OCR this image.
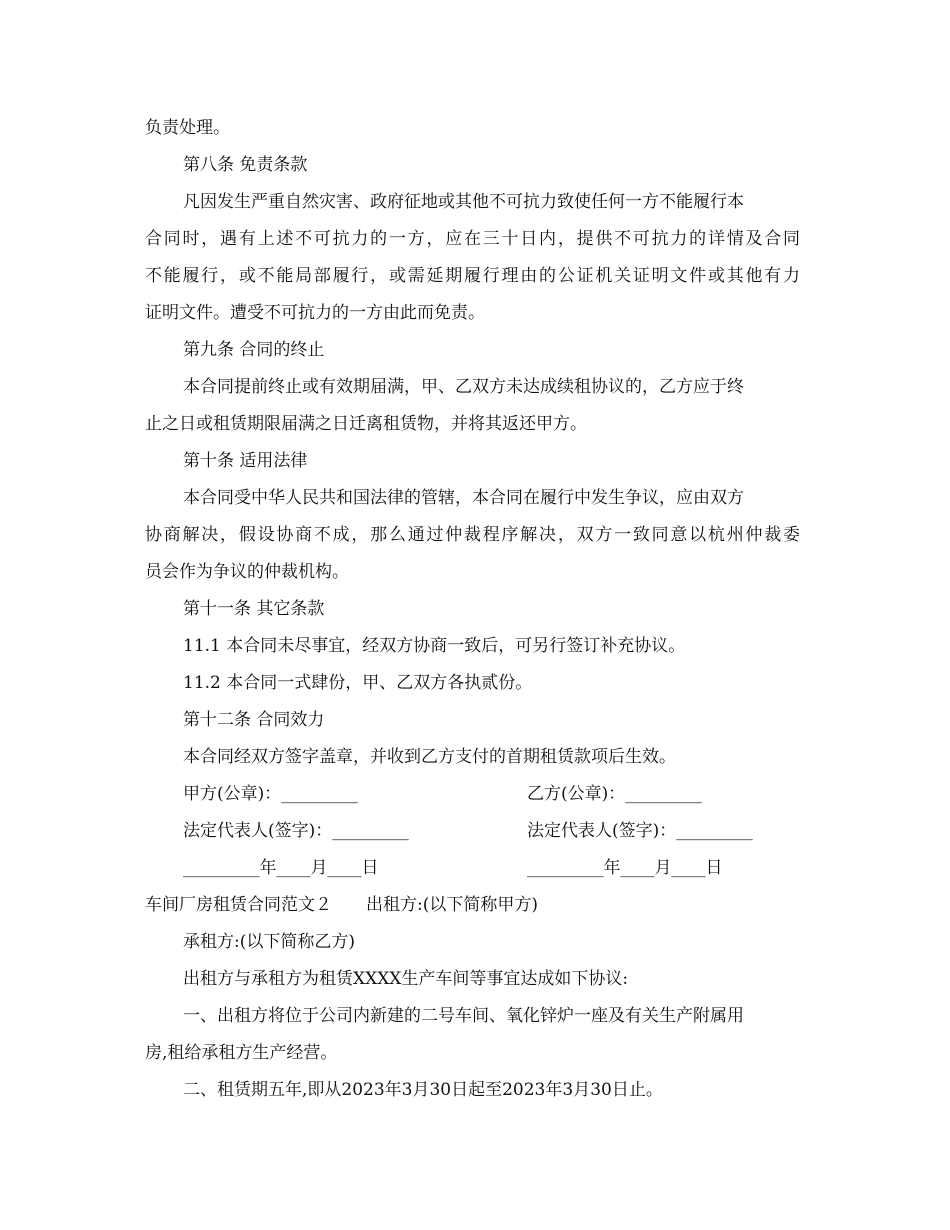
负责处理。
第八条 免责条款
凡因发生严重自然灾害、政府征地或其他不可抗力致使任何一方不能履行本
合同时，遇有上述不可抗力的一方，应在三十日内，提供不可抗力的详情及合同
不能履行，或不能局部履行，或需延期履行理由的公证机关证明文件或其他有力
证明文件。遭受不可抗力的一方由此而免责。
第九条 合同的终止
本合同提前终止或有效期届满，甲、乙双方未达成续租协议的，乙方应于终
止之日或租赁期限届满之日迁离租赁物，并将其返还甲方。
第十条 适用法律
本合同受中华人民共和国法律的管辖，本合同在履行中发生争议，应由双方
协商解决，假设协商不成，那么通过仲裁程序解决，双方一致同意以杭州仲裁委
员会作为争议的仲裁机构。
第十一条 其它条款
11.1 本合同未尽事宜，经双方协商一致后，可另行签订补充协议。
11.2 本合同一式肆份，甲、乙双方各执贰份。
第十二条 合同效力
本合同经双方签字盖章，并收到乙方支付的首期租赁款项后生效。
甲方(公章)：_________	乙方(公章)：_________
法定代表人(签字)：_________	法定代表人(签字)：_________
_________年____月____日	_________年____月____日
车间厂房租赁合同范文２　　出租方:(以下简称甲方)
承租方:(以下简称乙方)
出租方与承租方为租赁XXXX生产车间等事宜达成如下协议:
一、出租方将位于公司内新建的二号车间、氧化锌炉一座及有关生产附属用
房,租给承租方生产经营。
二、租赁期五年,即从2023年3月30日起至2023年3月30日止。
